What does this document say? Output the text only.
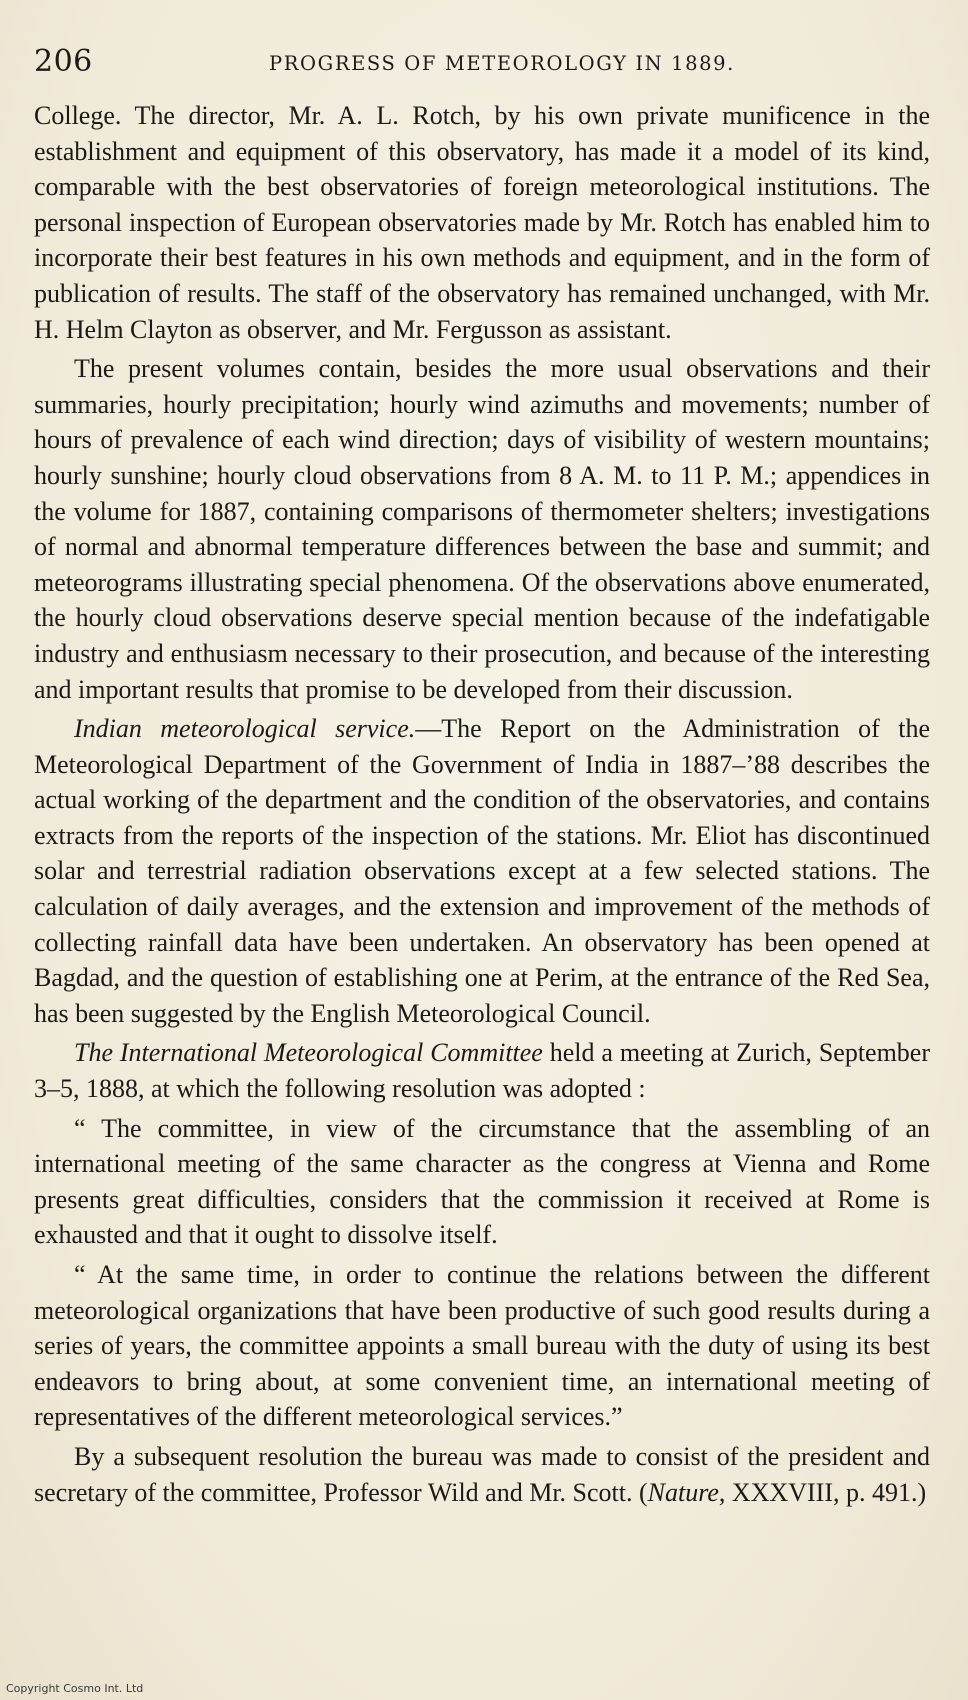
206	PROGRESS OF METEOROLOGY IN 1889.

College. The director, Mr. A. L. Rotch, by his own private munificence in the establishment and equipment of this observatory, has made it a model of its kind, comparable with the best observatories of foreign meteorological institutions. The personal inspection of European observatories made by Mr. Rotch has enabled him to incorporate their best features in his own methods and equipment, and in the form of publication of results. The staff of the observatory has remained unchanged, with Mr. H. Helm Clayton as observer, and Mr. Fergusson as assistant.

The present volumes contain, besides the more usual observations and their summaries, hourly precipitation; hourly wind azimuths and movements; number of hours of prevalence of each wind direction; days of visibility of western mountains; hourly sunshine; hourly cloud observations from 8 A. M. to 11 P. M.; appendices in the volume for 1887, containing comparisons of thermometer shelters; investigations of normal and abnormal temperature differences between the base and summit; and meteorograms illustrating special phenomena. Of the observations above enumerated, the hourly cloud observations deserve special mention because of the indefatigable industry and enthusiasm necessary to their prosecution, and because of the interesting and important results that promise to be developed from their discussion.

Indian meteorological service.—The Report on the Administration of the Meteorological Department of the Government of India in 1887–’88 describes the actual working of the department and the condition of the observatories, and contains extracts from the reports of the inspection of the stations. Mr. Eliot has discontinued solar and terrestrial radiation observations except at a few selected stations. The calculation of daily averages, and the extension and improvement of the methods of collecting rainfall data have been undertaken. An observatory has been opened at Bagdad, and the question of establishing one at Perim, at the entrance of the Red Sea, has been suggested by the English Meteorological Council.

The International Meteorological Committee held a meeting at Zurich, September 3–5, 1888, at which the following resolution was adopted :

“ The committee, in view of the circumstance that the assembling of an international meeting of the same character as the congress at Vienna and Rome presents great difficulties, considers that the commission it received at Rome is exhausted and that it ought to dissolve itself.

“ At the same time, in order to continue the relations between the different meteorological organizations that have been productive of such good results during a series of years, the committee appoints a small bureau with the duty of using its best endeavors to bring about, at some convenient time, an international meeting of representatives of the different meteorological services.”

By a subsequent resolution the bureau was made to consist of the president and secretary of the committee, Professor Wild and Mr. Scott. (Nature, XXXVIII, p. 491.)

Copyright Cosmo Int. Ltd
